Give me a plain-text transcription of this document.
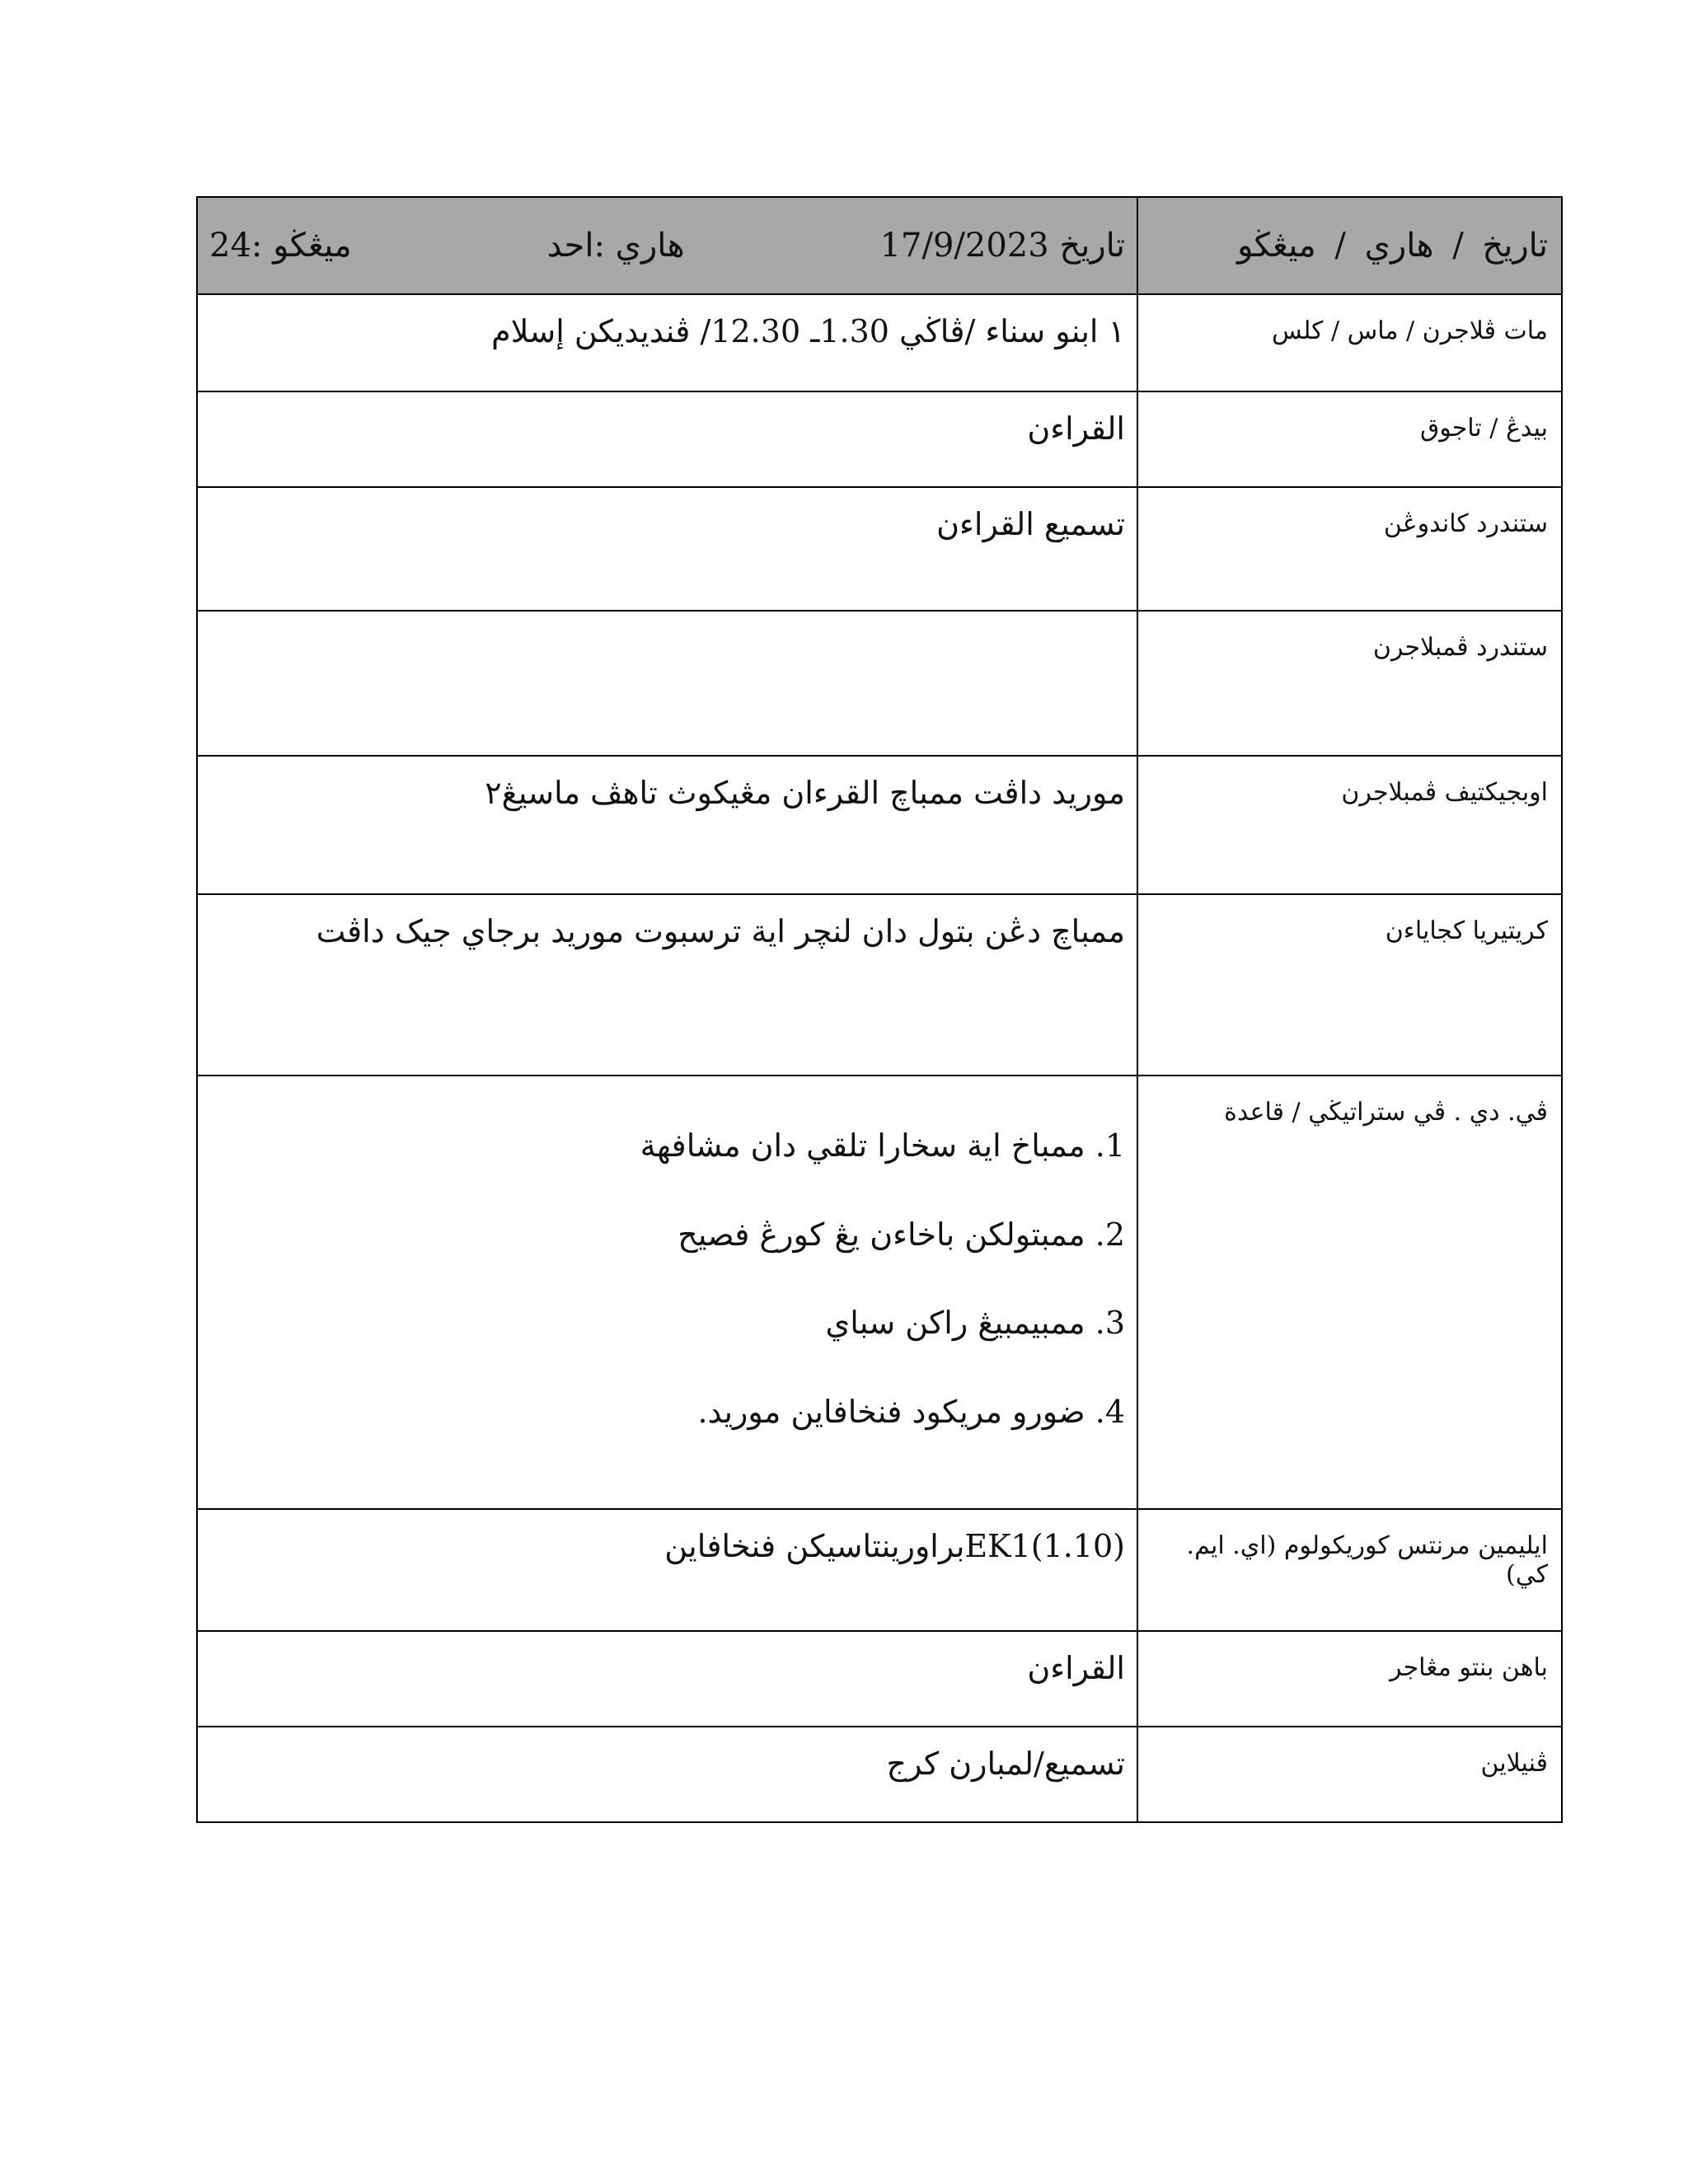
تاريخ / هاري / ميڠڬو	تاريخ 17/9/2023
هاري :احد
ميڠڬو :24

مات ڤلاجرن / ماس / كلس	١ ابنو سناء /ڤاڬي 1.30ـ 12.30/ ڤنديديكن إسلام
بيدڠ / تاجوق	القراءن
ستندرد كاندوڠن	تسميع القراءن
ستندرد ڤمبلاجرن	
اوبجيكتيف ڤمبلاجرن	موريد داڤت ممباچ القرءان مڠيكوث تاهڤ ماسيڠ٢
كريتيريا كجاياءن	ممباچ دڠن بتول دان لنچر اية ترسبوت موريد برجاي جيک داڤت
ڤي. دي . ڤي ستراتيڬي / قاعدة	1. ممباخ اية سخارا تلقي دان مشافهة
2. ممبتولكن باخاءن يڠ كورڠ فصيح
3. ممبيمبيڠ راكن سباي
4. ضورو مريكود فنخافاين موريد.

ايليمين مرنتس كوريكولوم (اي. ايم. كي)	(EK1(1.10براورينتاسيكن فنخافاين
باهن بنتو مڠاجر	القراءن
ڤنيلاين	تسميع/لمبارن كرج
